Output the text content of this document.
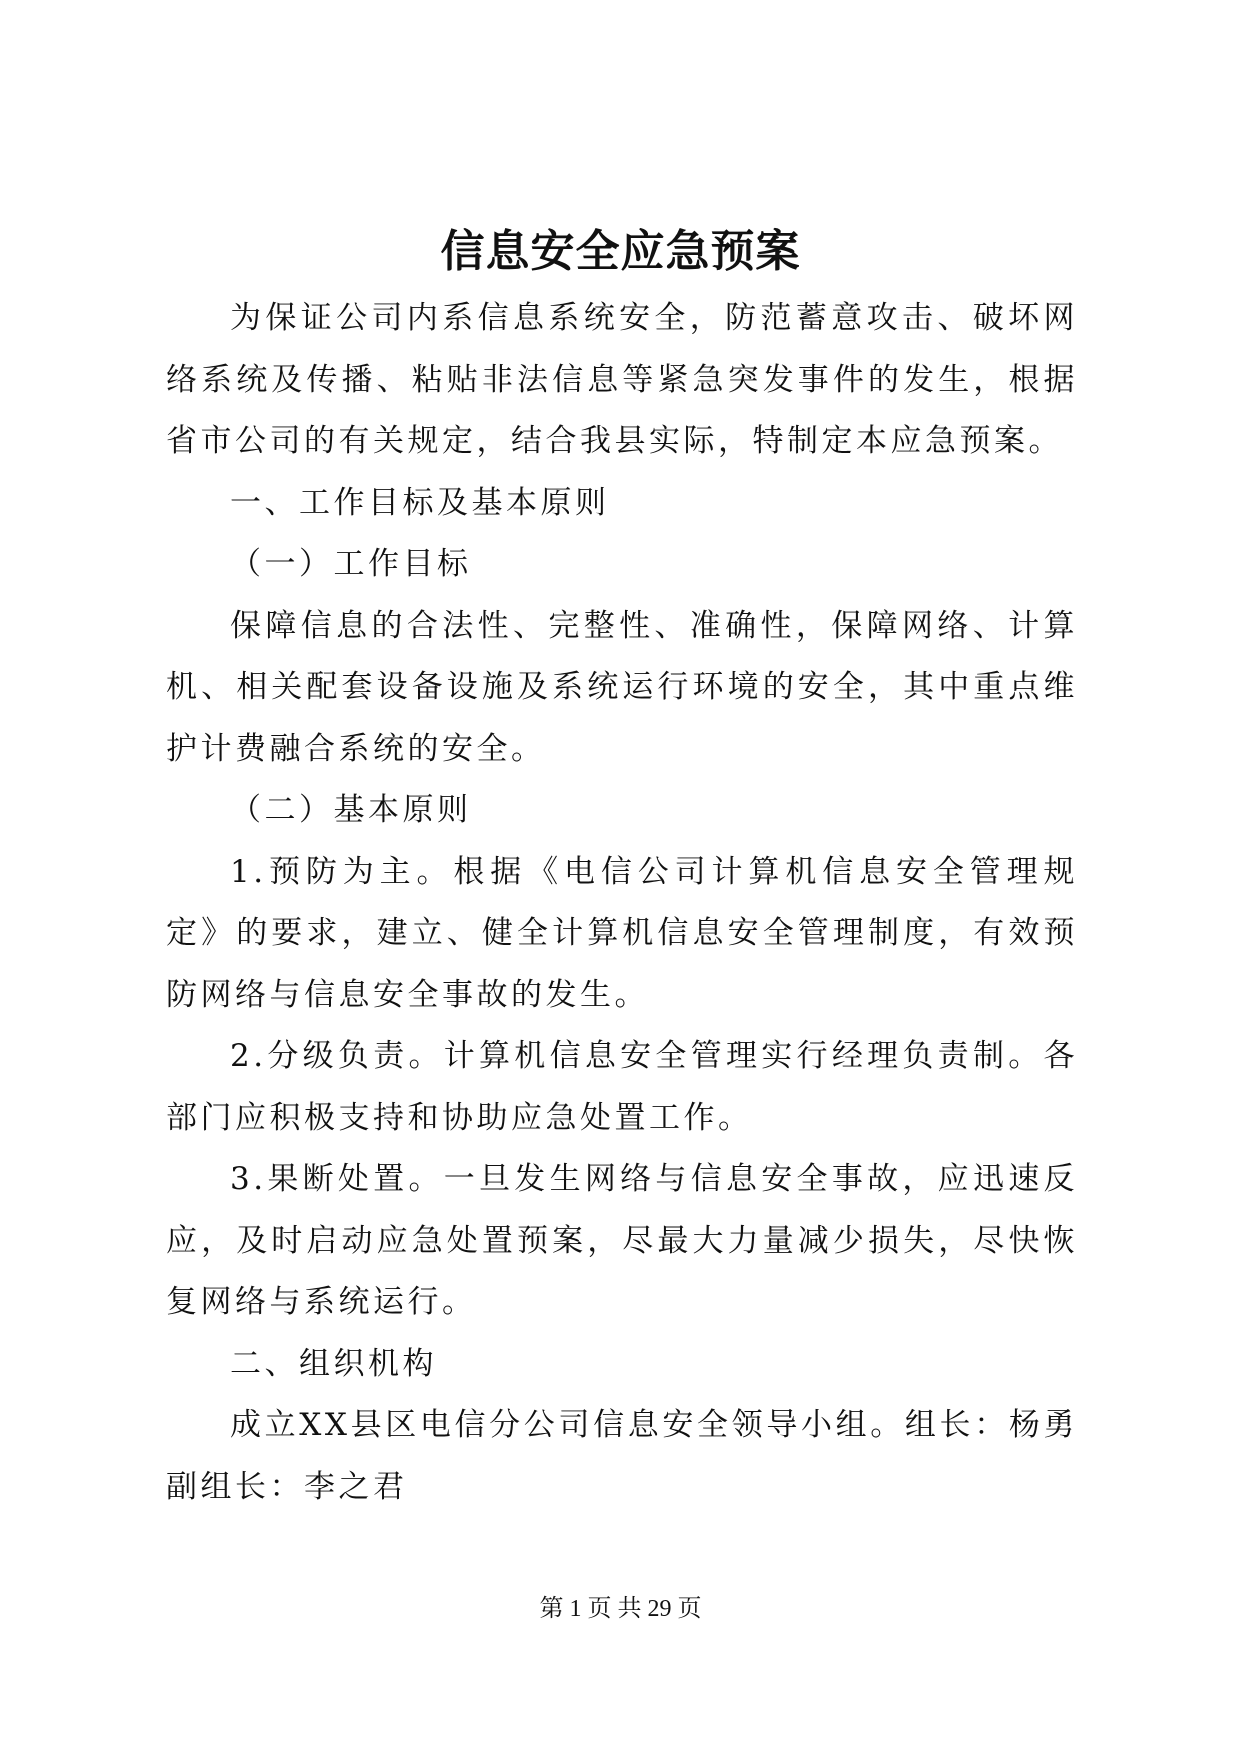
信息安全应急预案

为保证公司内系信息系统安全，防范蓄意攻击、破坏网络系统及传播、粘贴非法信息等紧急突发事件的发生，根据省市公司的有关规定，结合我县实际，特制定本应急预案。

一、工作目标及基本原则

（一）工作目标

保障信息的合法性、完整性、准确性，保障网络、计算机、相关配套设备设施及系统运行环境的安全，其中重点维护计费融合系统的安全。

（二）基本原则

1.预防为主。根据《电信公司计算机信息安全管理规定》的要求，建立、健全计算机信息安全管理制度，有效预防网络与信息安全事故的发生。

2.分级负责。计算机信息安全管理实行经理负责制。各部门应积极支持和协助应急处置工作。

3.果断处置。一旦发生网络与信息安全事故，应迅速反应，及时启动应急处置预案，尽最大力量减少损失，尽快恢复网络与系统运行。

二、组织机构

成立XX县区电信分公司信息安全领导小组。组长：杨勇副组长：李之君

第 1 页 共 29 页
